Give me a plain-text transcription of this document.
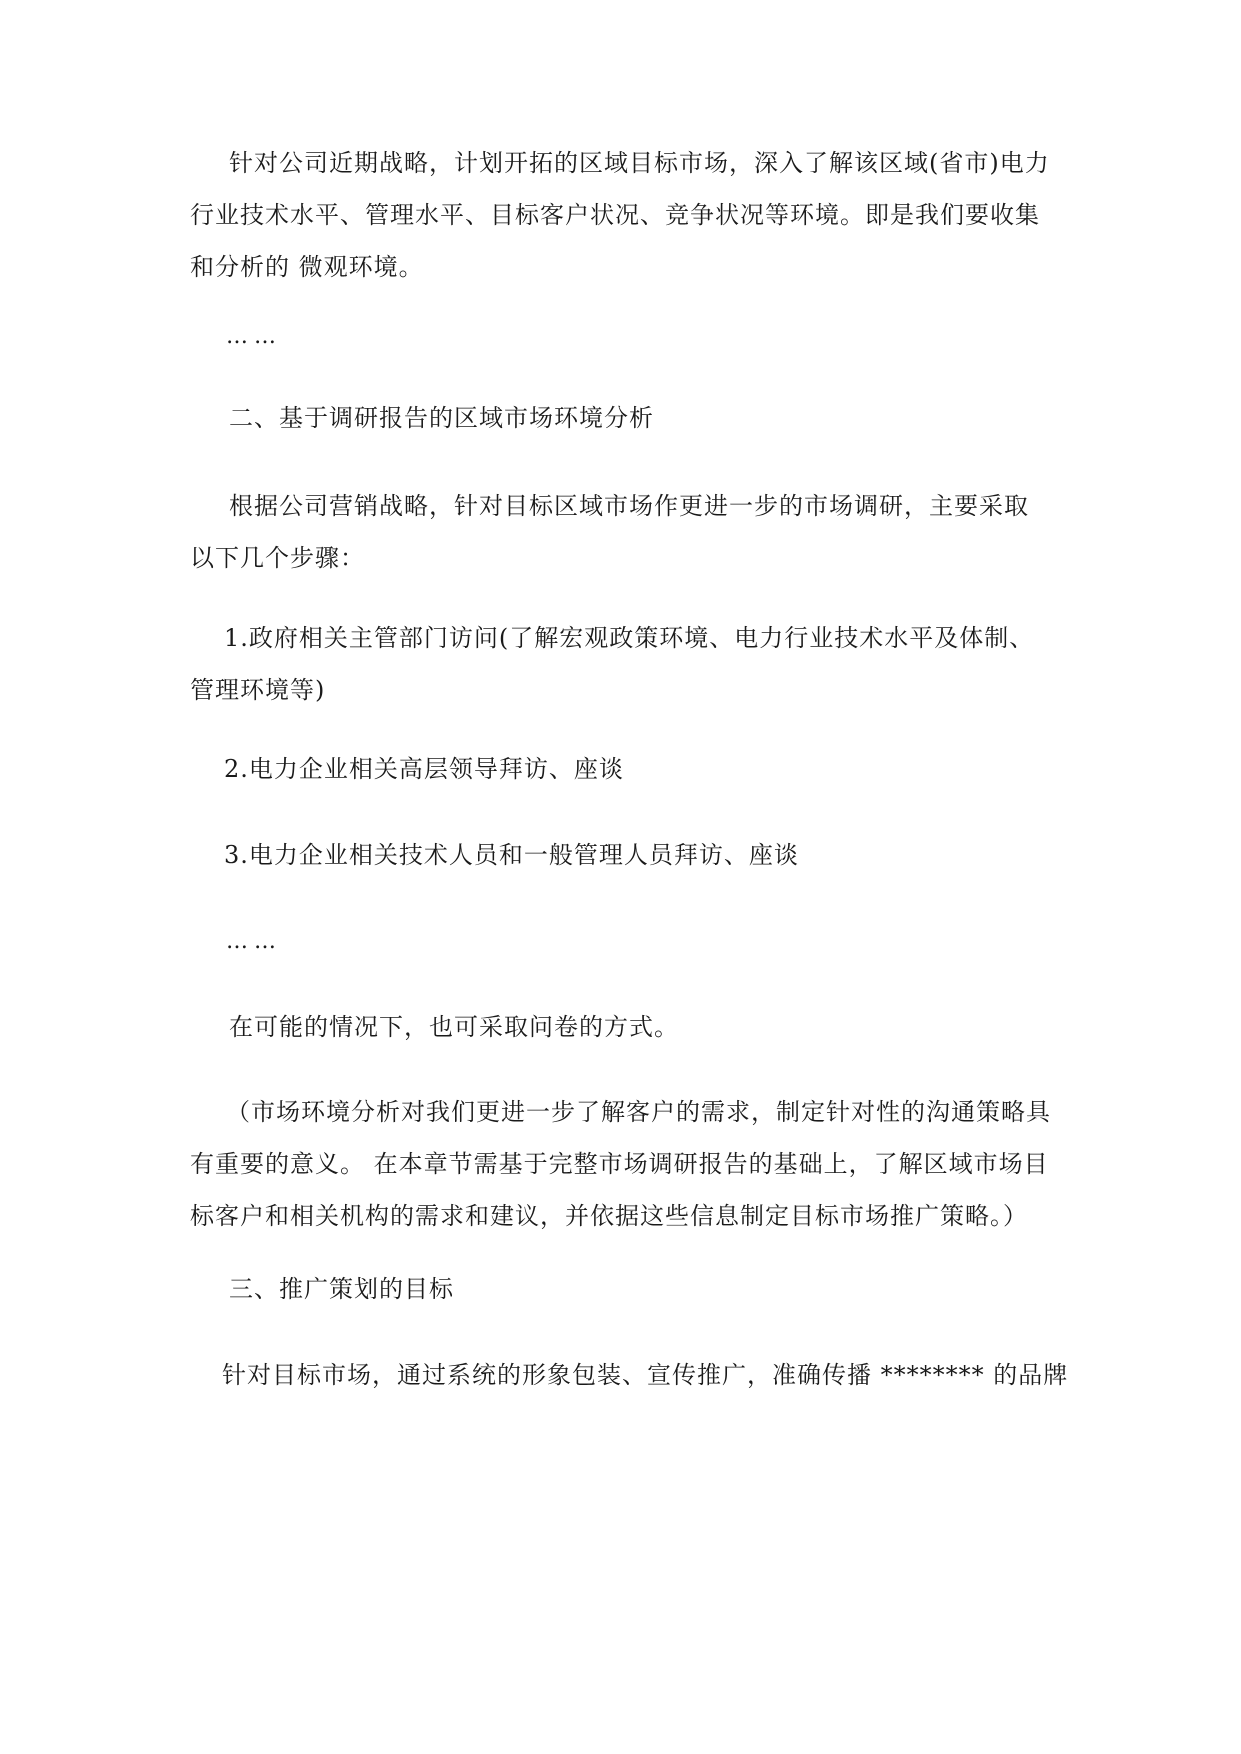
针对公司近期战略，计划开拓的区域目标市场，深入了解该区域(省市)电力行业技术水平、管理水平、目标客户状况、竞争状况等环境。即是我们要收集和分析的 微观环境。

……

二、基于调研报告的区域市场环境分析

根据公司营销战略，针对目标区域市场作更进一步的市场调研，主要采取以下几个步骤：

1.政府相关主管部门访问(了解宏观政策环境、电力行业技术水平及体制、管理环境等)

2.电力企业相关高层领导拜访、座谈

3.电力企业相关技术人员和一般管理人员拜访、座谈

……

在可能的情况下，也可采取问卷的方式。

（市场环境分析对我们更进一步了解客户的需求，制定针对性的沟通策略具有重要的意义。 在本章节需基于完整市场调研报告的基础上，了解区域市场目标客户和相关机构的需求和建议，并依据这些信息制定目标市场推广策略。）

三、推广策划的目标

针对目标市场，通过系统的形象包装、宣传推广，准确传播 ******** 的品牌
